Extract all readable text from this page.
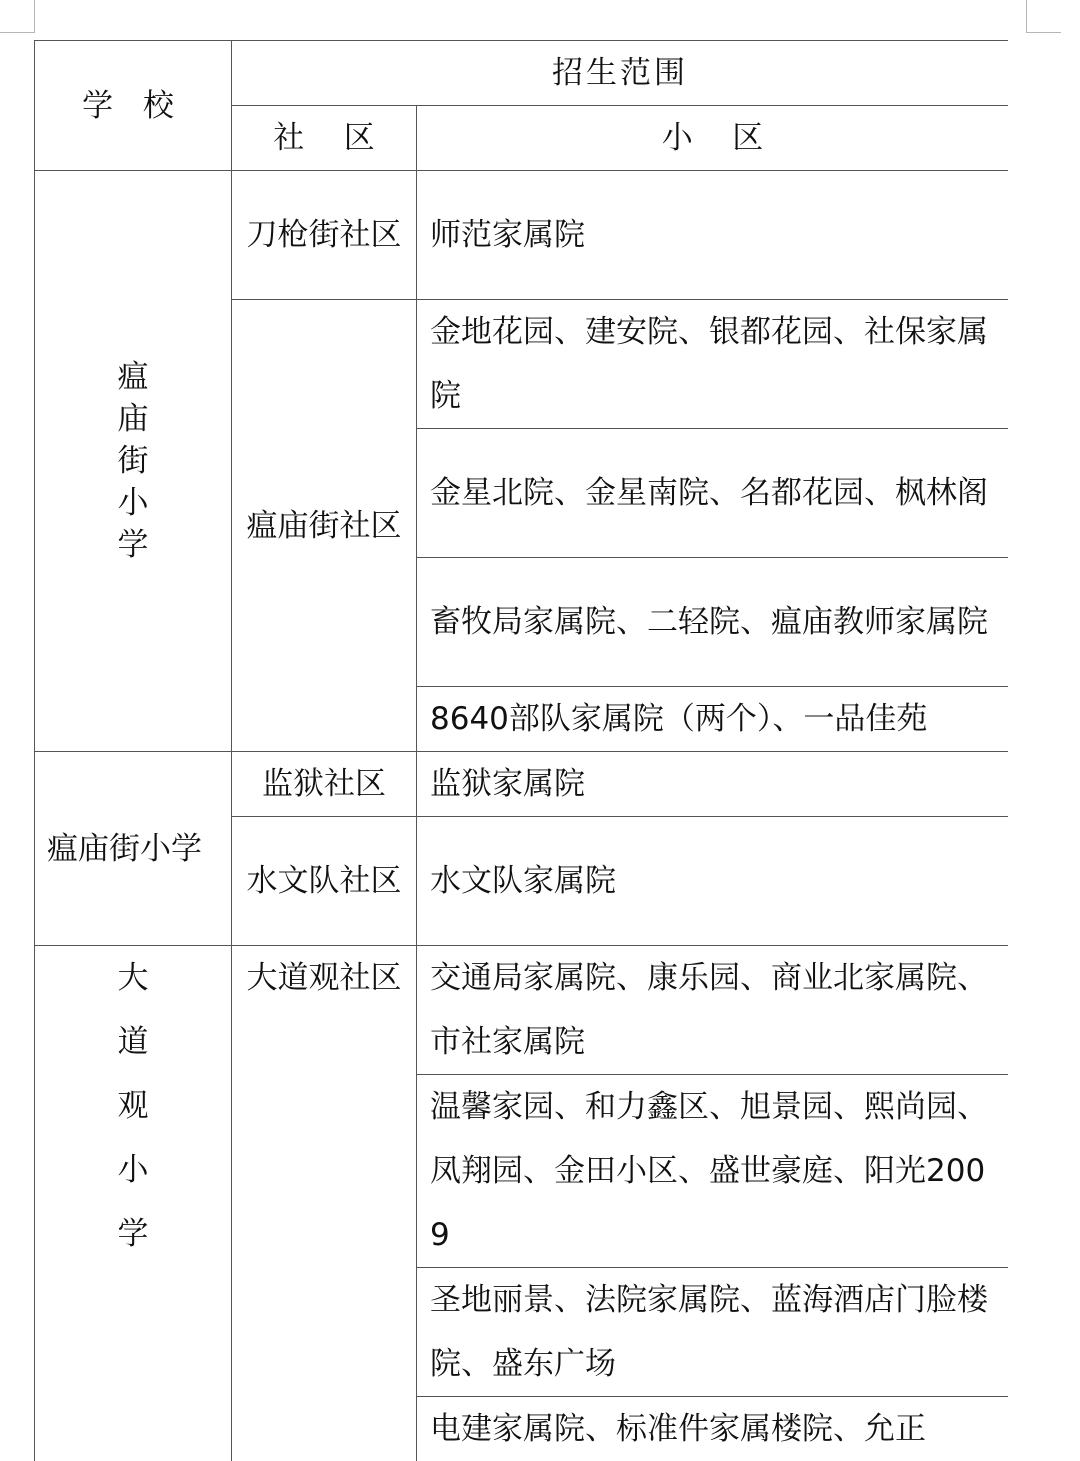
学 校	招生范围	
	社    区	小    区

瘟
庙
街
小
学	刀枪街社区	师范家属院
	瘟庙街社区	金地花园、建安院、银都花园、社保家属院
		金星北院、金星南院、名都花园、枫林阁
		畜牧局家属院、二轻院、瘟庙教师家属院
		8640部队家属院（两个）、一品佳苑
瘟庙街小学	监狱社区	监狱家属院
	水文队社区	水文队家属院

大
道
观
小
学	大道观社区	交通局家属院、康乐园、商业北家属院、市社家属院
		温馨家园、和力鑫区、旭景园、熙尚园、凤翔园、金田小区、盛世豪庭、阳光2009
		圣地丽景、法院家属院、蓝海酒店门脸楼院、盛东广场
		电建家属院、标准件家属楼院、允正
